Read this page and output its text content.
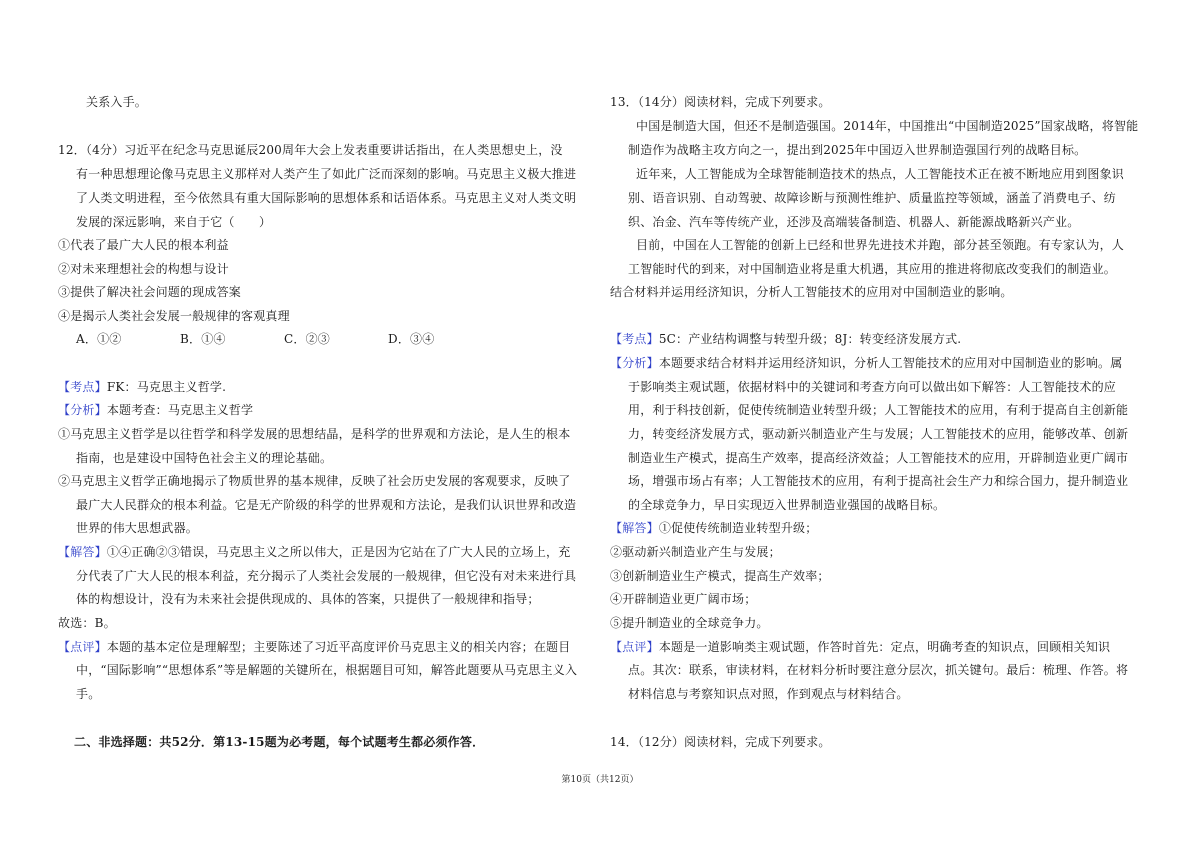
关系入手。
12．（4分）习近平在纪念马克思诞辰200周年大会上发表重要讲话指出，在人类思想史上，没
有一种思想理论像马克思主义那样对人类产生了如此广泛而深刻的影响。马克思主义极大推进
了人类文明进程，至今依然具有重大国际影响的思想体系和话语体系。马克思主义对人类文明
发展的深远影响，来自于它（　　）
①代表了最广大人民的根本利益
②对未来理想社会的构想与设计
③提供了解决社会问题的现成答案
④是揭示人类社会发展一般规律的客观真理
A．①②	B．①④	C．②③	D．③④
【考点】FK：马克思主义哲学.
【分析】本题考查：马克思主义哲学
①马克思主义哲学是以往哲学和科学发展的思想结晶，是科学的世界观和方法论，是人生的根本
指南，也是建设中国特色社会主义的理论基础。
②马克思主义哲学正确地揭示了物质世界的基本规律，反映了社会历史发展的客观要求，反映了
最广大人民群众的根本利益。它是无产阶级的科学的世界观和方法论，是我们认识世界和改造
世界的伟大思想武器。
【解答】①④正确②③错误，马克思主义之所以伟大，正是因为它站在了广大人民的立场上，充
分代表了广大人民的根本利益，充分揭示了人类社会发展的一般规律，但它没有对未来进行具
体的构想设计，没有为未来社会提供现成的、具体的答案，只提供了一般规律和指导；
故选：B。
【点评】本题的基本定位是理解型；主要陈述了习近平高度评价马克思主义的相关内容；在题目
中，“国际影响”“思想体系”等是解题的关键所在，根据题目可知，解答此题要从马克思主义入
手。
二、非选择题：共52分．第13-15题为必考题，每个试题考生都必须作答．
13．（14分）阅读材料，完成下列要求。
中国是制造大国，但还不是制造强国。2014年，中国推出“中国制造2025”国家战略，将智能
制造作为战略主攻方向之一，提出到2025年中国迈入世界制造强国行列的战略目标。
近年来，人工智能成为全球智能制造技术的热点，人工智能技术正在被不断地应用到图象识
别、语音识别、自动驾驶、故障诊断与预测性维护、质量监控等领域，涵盖了消费电子、纺
织、冶金、汽车等传统产业，还涉及高端装备制造、机器人、新能源战略新兴产业。
目前，中国在人工智能的创新上已经和世界先进技术并跑，部分甚至领跑。有专家认为，人
工智能时代的到来，对中国制造业将是重大机遇，其应用的推进将彻底改变我们的制造业。
结合材料并运用经济知识，分析人工智能技术的应用对中国制造业的影响。
【考点】5C：产业结构调整与转型升级；8J：转变经济发展方式.
【分析】本题要求结合材料并运用经济知识，分析人工智能技术的应用对中国制造业的影响。属
于影响类主观试题，依据材料中的关键词和考查方向可以做出如下解答：人工智能技术的应
用，利于科技创新，促使传统制造业转型升级；人工智能技术的应用，有利于提高自主创新能
力，转变经济发展方式，驱动新兴制造业产生与发展；人工智能技术的应用，能够改革、创新
制造业生产模式，提高生产效率，提高经济效益；人工智能技术的应用，开辟制造业更广阔市
场，增强市场占有率；人工智能技术的应用，有利于提高社会生产力和综合国力，提升制造业
的全球竞争力，早日实现迈入世界制造业强国的战略目标。
【解答】①促使传统制造业转型升级；
②驱动新兴制造业产生与发展；
③创新制造业生产模式，提高生产效率；
④开辟制造业更广阔市场；
⑤提升制造业的全球竞争力。
【点评】本题是一道影响类主观试题，作答时首先：定点，明确考查的知识点，回顾相关知识
点。其次：联系，审读材料，在材料分析时要注意分层次，抓关键句。最后：梳理、作答。将
材料信息与考察知识点对照，作到观点与材料结合。
14．（12分）阅读材料，完成下列要求。
第10页（共12页）
